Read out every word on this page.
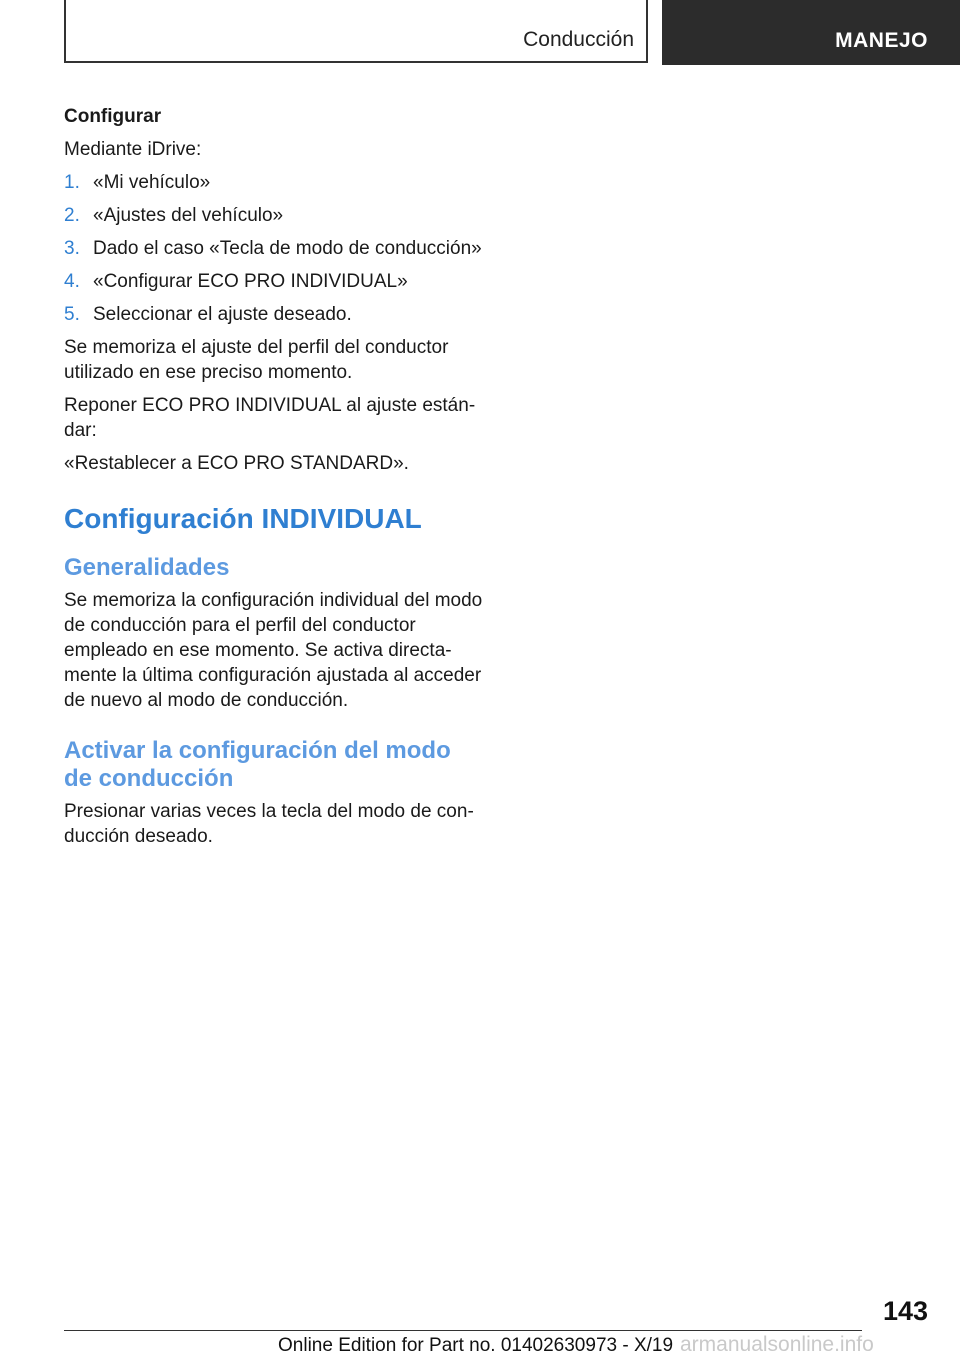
Conducción	MANEJO
Configurar

Mediante iDrive:

1. «Mi vehículo»
2. «Ajustes del vehículo»
3. Dado el caso «Tecla de modo de conducción»
4. «Configurar ECO PRO INDIVIDUAL»
5. Seleccionar el ajuste deseado.

Se memoriza el ajuste del perfil del conductor utilizado en ese preciso momento.

Reponer ECO PRO INDIVIDUAL al ajuste estándar:

«Restablecer a ECO PRO STANDARD».

Configuración INDIVIDUAL
Generalidades

Se memoriza la configuración individual del modo de conducción para el perfil del conductor empleado en ese momento. Se activa directamente la última configuración ajustada al acceder de nuevo al modo de conducción.

Activar la configuración del modo de conducción

Presionar varias veces la tecla del modo de conducción deseado.

143
Online Edition for Part no. 01402630973 - X/19 armanualsonline.info
